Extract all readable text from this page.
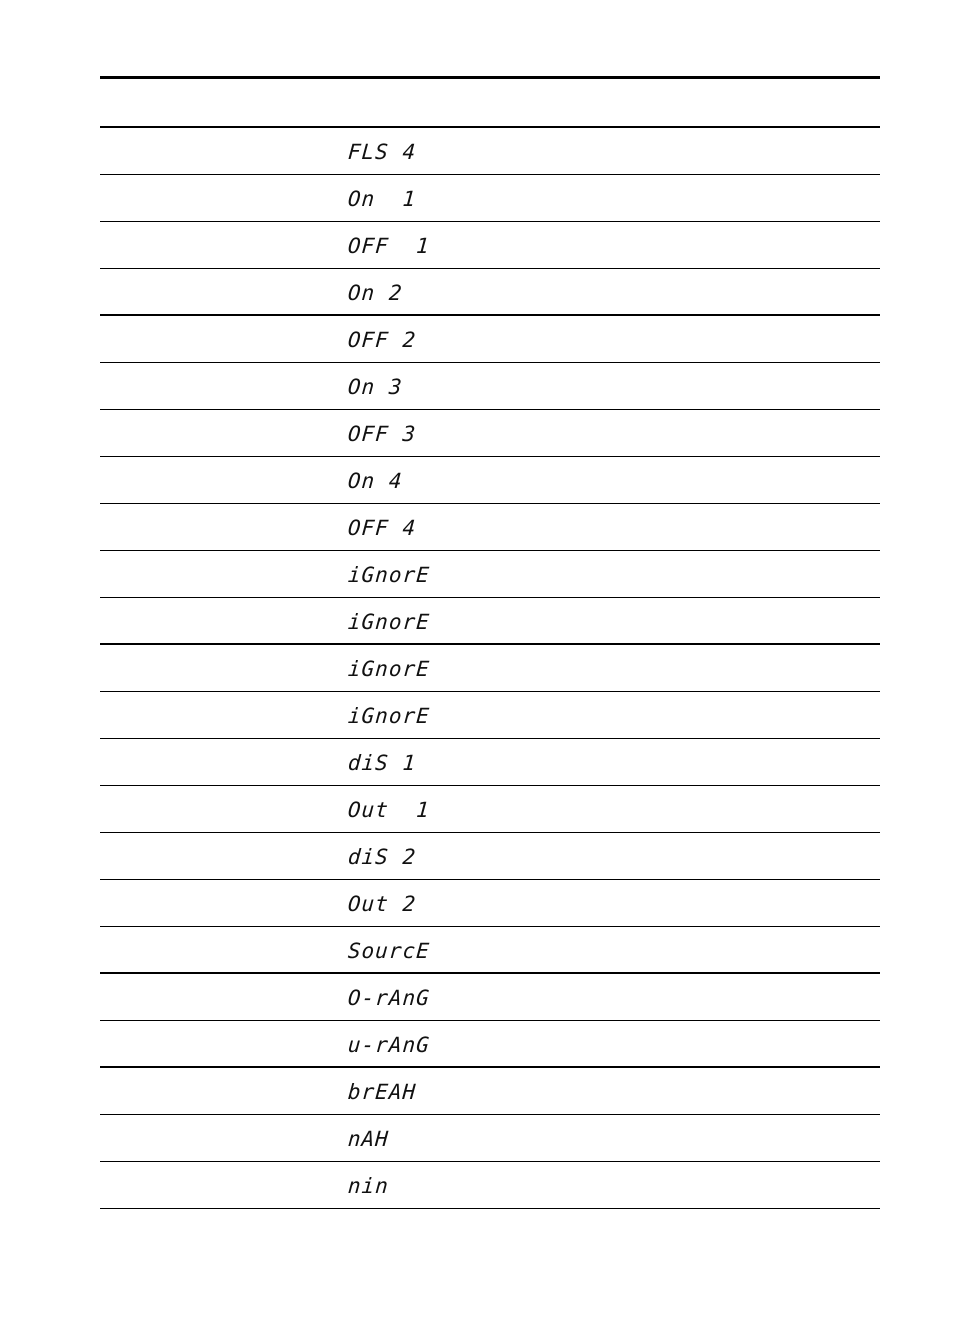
FLS 4
On  1
OFF  1
On 2
OFF 2
On 3
OFF 3
On 4
OFF 4
iGnorE
iGnorE
iGnorE
iGnorE
diS 1
Out  1
diS 2
Out 2
SourcE
O-rAnG
u-rAnG
brEAH
nAH
nin
